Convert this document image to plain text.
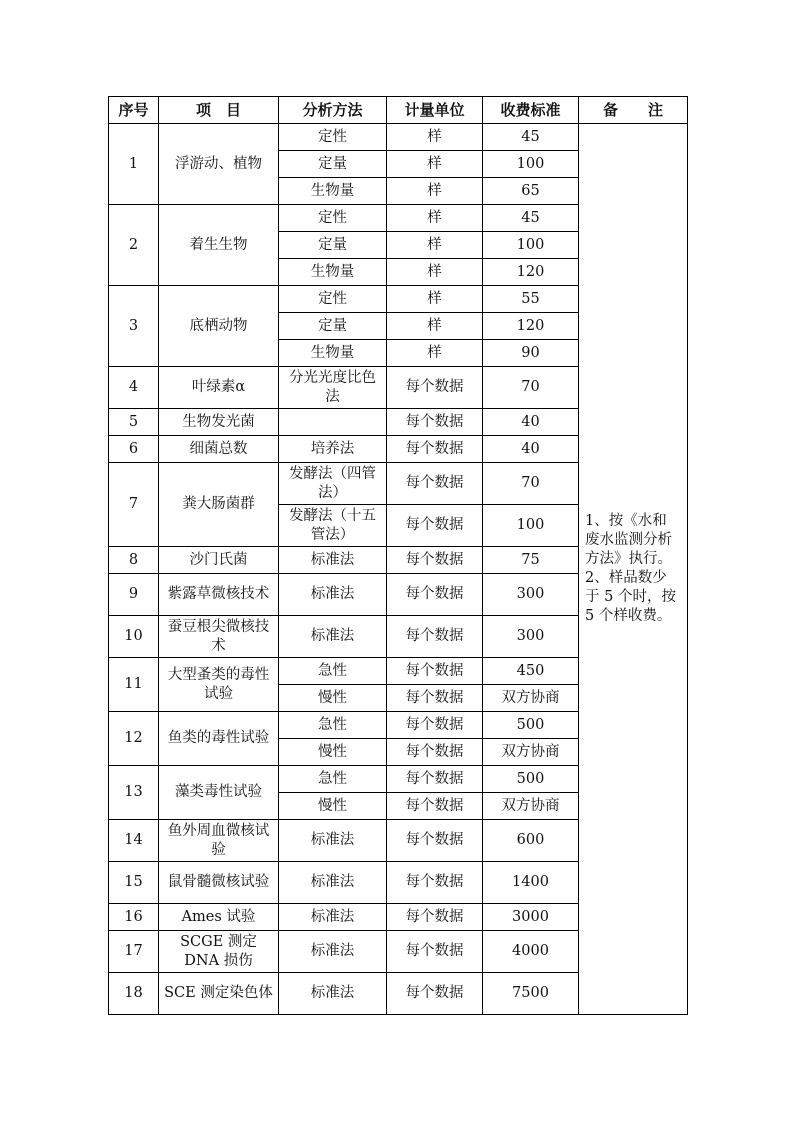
序号	项　目	分析方法	计量单位	收费标准	备　　注
1	浮游动、植物	定性	样	45	1、按《水和废水监测分析方法》执行。
2、样品数少于 5 个时，按 5 个样收费。

		定量	样	100	
		生物量	样	65	
2	着生生物	定性	样	45	
		定量	样	100	
		生物量	样	120	
3	底栖动物	定性	样	55	
		定量	样	120	
		生物量	样	90	
4	叶绿素α	分光光度比色法	每个数据	70	
5	生物发光菌		每个数据	40	
6	细菌总数	培养法	每个数据	40	
7	粪大肠菌群	发酵法（四管法）	每个数据	70	
		发酵法（十五管法）	每个数据	100	
8	沙门氏菌	标准法	每个数据	75	
9	紫露草微核技术	标准法	每个数据	300	
10	蚕豆根尖微核技术	标准法	每个数据	300	
11	大型蚤类的毒性试验	急性	每个数据	450	
		慢性	每个数据	双方协商	
12	鱼类的毒性试验	急性	每个数据	500	
		慢性	每个数据	双方协商	
13	藻类毒性试验	急性	每个数据	500	
		慢性	每个数据	双方协商	
14	鱼外周血微核试验	标准法	每个数据	600	
15	鼠骨髓微核试验	标准法	每个数据	1400	
16	Ames 试验	标准法	每个数据	3000	
17	SCGE 测定 DNA 损伤	标准法	每个数据	4000	
18	SCE 测定染色体	标准法	每个数据	7500	
